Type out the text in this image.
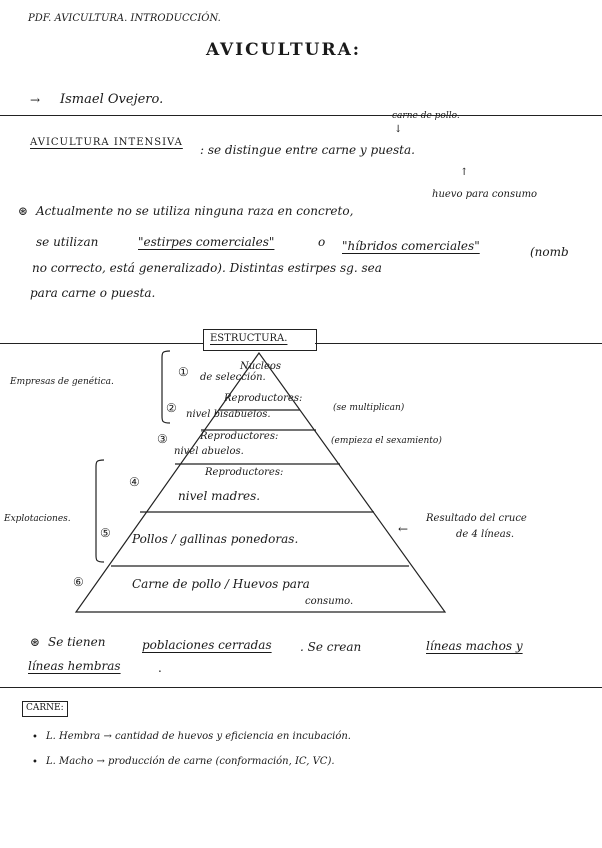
PDF. AVICULTURA. INTRODUCCIÓN.
AVICULTURA:
→ Ismael Ovejero.
carne de pollo.
↓
AVICULTURA INTENSIVA
: se distingue entre carne y puesta.
↑
huevo para consumo
⊛ Actualmente no se utiliza ninguna raza en concreto,
se utilizan	"estirpes comerciales"	o "híbridos comerciales"	(nomb
no correcto, está generalizado). Distintas estirpes sg. sea
para carne o puesta.
ESTRUCTURA.
Empresas de genética.
Explotaciones.
①	Núcleos
de selección.
②
Reproductores:
nivel bisabuelos.
(se multiplican)
③	Reproductores:
nivel abuelos.
(empieza el sexamiento)
④
Reproductores:
nivel madres.
⑤ Pollos / gallinas ponedoras.
⑥	Carne de pollo / Huevos para
consumo.
←
Resultado del cruce
de 4 líneas.
⊛ Se tienen	poblaciones cerradas . Se crean	líneas machos y
líneas hembras	.
CARNE:
• L. Hembra → cantidad de huevos y eficiencia en incubación.
• L. Macho → producción de carne (conformación, IC, VC).
